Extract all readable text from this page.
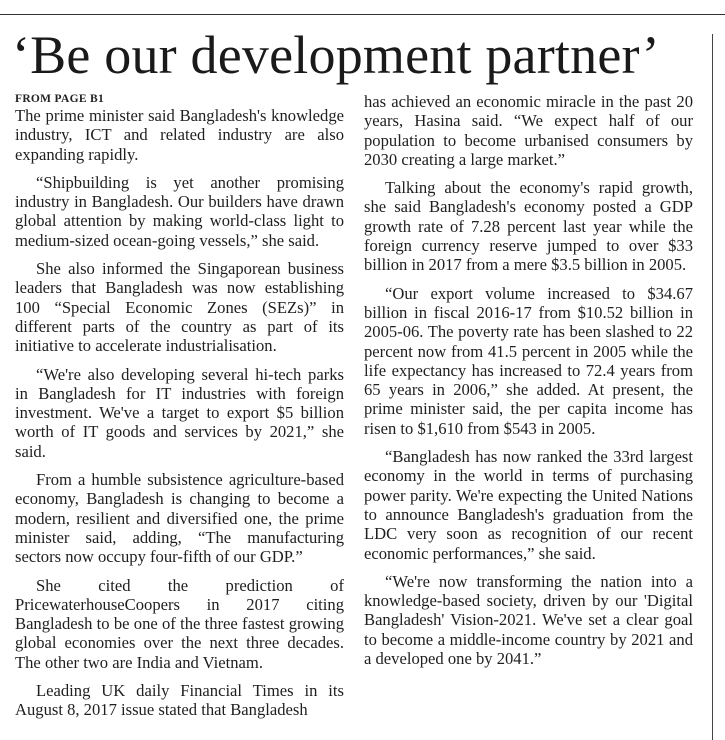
‘Be our development partner’
FROM PAGE B1

The prime minister said Bangladesh's knowledge industry, ICT and related industry are also expanding rapidly.

“Shipbuilding is yet another promising industry in Bangladesh. Our builders have drawn global attention by making world-class light to medium-sized ocean-going vessels,” she said.

She also informed the Singaporean business leaders that Bangladesh was now establishing 100 “Special Economic Zones (SEZs)” in different parts of the country as part of its initiative to accelerate industrialisation.

“We're also developing several hi-tech parks in Bangladesh for IT industries with foreign investment. We've a target to export $5 billion worth of IT goods and services by 2021,” she said.

From a humble subsistence agriculture-based economy, Bangladesh is changing to become a modern, resilient and diversified one, the prime minister said, adding, “The manufacturing sectors now occupy four-fifth of our GDP.”

She cited the prediction of PricewaterhouseCoopers in 2017 citing Bangladesh to be one of the three fastest growing global economies over the next three decades. The other two are India and Vietnam.

Leading UK daily Financial Times in its August 8, 2017 issue stated that Bangladesh

has achieved an economic miracle in the past 20 years, Hasina said. “We expect half of our population to become urbanised consumers by 2030 creating a large market.”

Talking about the economy's rapid growth, she said Bangladesh's economy posted a GDP growth rate of 7.28 percent last year while the foreign currency reserve jumped to over $33 billion in 2017 from a mere $3.5 billion in 2005.

“Our export volume increased to $34.67 billion in fiscal 2016-17 from $10.52 billion in 2005-06. The poverty rate has been slashed to 22 percent now from 41.5 percent in 2005 while the life expectancy has increased to 72.4 years from 65 years in 2006,” she added. At present, the prime minister said, the per capita income has risen to $1,610 from $543 in 2005.

“Bangladesh has now ranked the 33rd largest economy in the world in terms of purchasing power parity. We're expecting the United Nations to announce Bangladesh's graduation from the LDC very soon as recognition of our recent economic performances,” she said.

“We're now transforming the nation into a knowledge-based society, driven by our 'Digital Bangladesh' Vision-2021. We've set a clear goal to become a middle-income country by 2021 and a developed one by 2041.”
